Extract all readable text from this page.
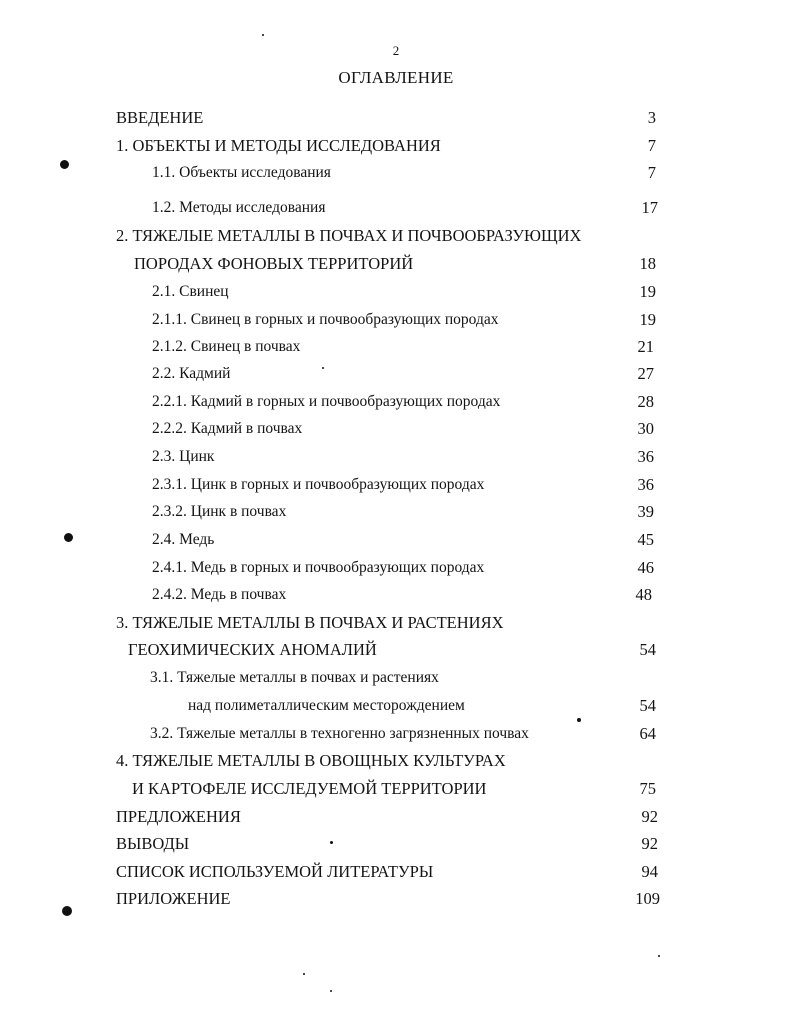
2
ОГЛАВЛЕНИЕ
ВВЕДЕНИЕ	3
1. ОБЪЕКТЫ И МЕТОДЫ ИССЛЕДОВАНИЯ	7
1.1. Объекты исследования	7
1.2. Методы исследования	17
2. ТЯЖЕЛЫЕ МЕТАЛЛЫ В ПОЧВАХ И ПОЧВООБРАЗУЮЩИХ
ПОРОДАХ ФОНОВЫХ ТЕРРИТОРИЙ	18
2.1. Свинец	19
2.1.1. Свинец в горных и почвообразующих породах	19
2.1.2. Свинец в почвах	21
2.2. Кадмий	27
2.2.1. Кадмий в горных и почвообразующих породах	28
2.2.2. Кадмий в почвах	30
2.3. Цинк	36
2.3.1. Цинк в горных и почвообразующих породах	36
2.3.2. Цинк в почвах	39
2.4. Медь	45
2.4.1. Медь в горных и почвообразующих породах	46
2.4.2. Медь в почвах	48
3. ТЯЖЕЛЫЕ МЕТАЛЛЫ В ПОЧВАХ И РАСТЕНИЯХ
ГЕОХИМИЧЕСКИХ АНОМАЛИЙ	54
3.1. Тяжелые металлы в почвах и растениях
над полиметаллическим месторождением	54
3.2. Тяжелые металлы в техногенно загрязненных почвах	64
4. ТЯЖЕЛЫЕ МЕТАЛЛЫ В ОВОЩНЫХ КУЛЬТУРАХ
И КАРТОФЕЛЕ ИССЛЕДУЕМОЙ ТЕРРИТОРИИ	75
ПРЕДЛОЖЕНИЯ	92
ВЫВОДЫ	92
СПИСОК ИСПОЛЬЗУЕМОЙ ЛИТЕРАТУРЫ	94
ПРИЛОЖЕНИЕ	109
